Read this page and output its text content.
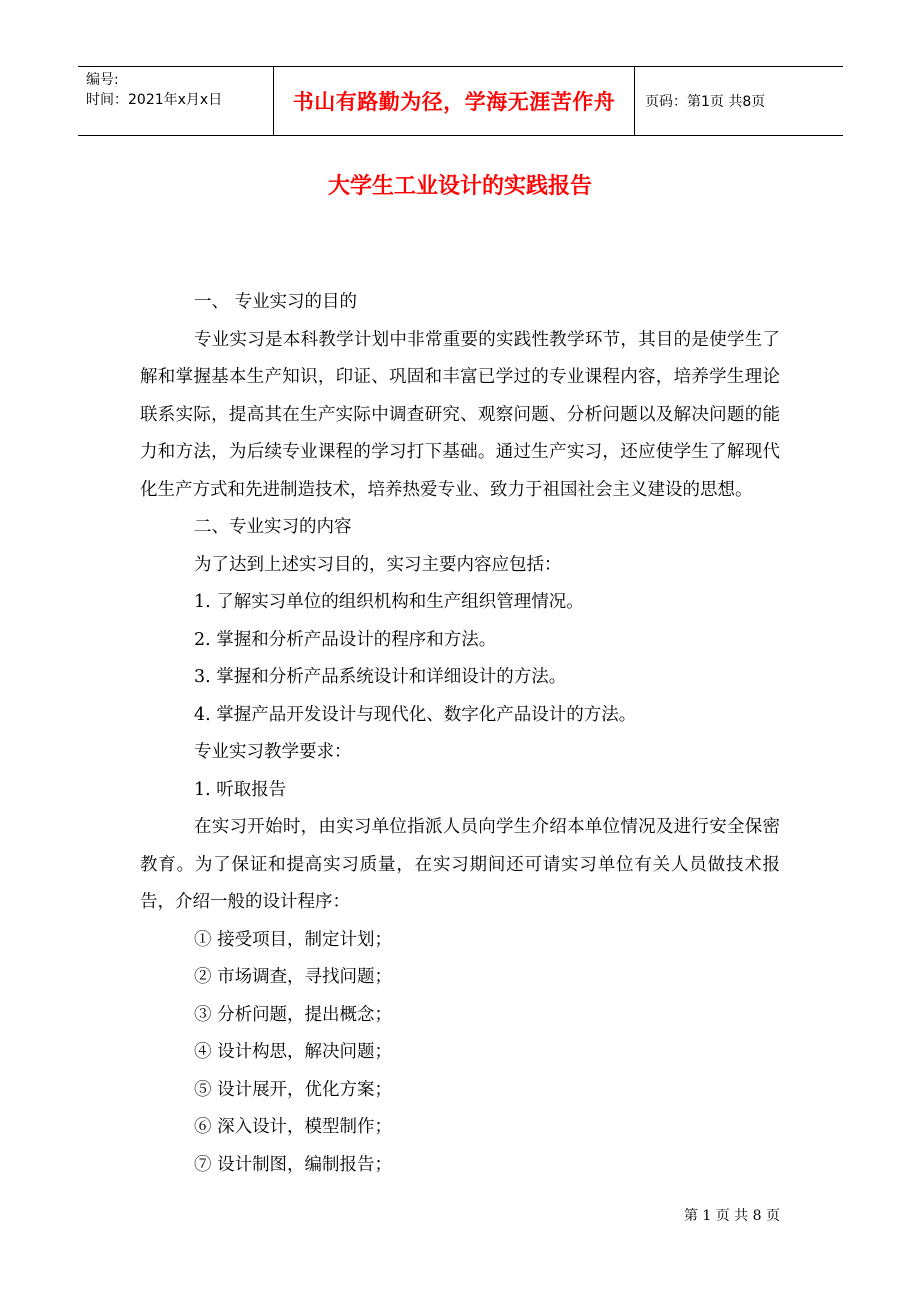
编号:
时间：2021年x月x日	书山有路勤为径，学海无涯苦作舟 页码：第1页 共8页
大学生工业设计的实践报告

一、 专业实习的目的

专业实习是本科教学计划中非常重要的实践性教学环节，其目的是使学生了解和掌握基本生产知识，印证、巩固和丰富已学过的专业课程内容，培养学生理论联系实际，提高其在生产实际中调查研究、观察问题、分析问题以及解决问题的能力和方法，为后续专业课程的学习打下基础。通过生产实习，还应使学生了解现代化生产方式和先进制造技术，培养热爱专业、致力于祖国社会主义建设的思想。

二、专业实习的内容

为了达到上述实习目的，实习主要内容应包括：

1. 了解实习单位的组织机构和生产组织管理情况。

2. 掌握和分析产品设计的程序和方法。

3. 掌握和分析产品系统设计和详细设计的方法。

4. 掌握产品开发设计与现代化、数字化产品设计的方法。

专业实习教学要求：

1. 听取报告

在实习开始时，由实习单位指派人员向学生介绍本单位情况及进行安全保密教育。为了保证和提高实习质量，在实习期间还可请实习单位有关人员做技术报告，介绍一般的设计程序：

① 接受项目，制定计划；

② 市场调查，寻找问题；

③ 分析问题，提出概念；

④ 设计构思，解决问题；

⑤ 设计展开，优化方案；

⑥ 深入设计，模型制作；

⑦ 设计制图，编制报告；

第 1 页 共 8 页
